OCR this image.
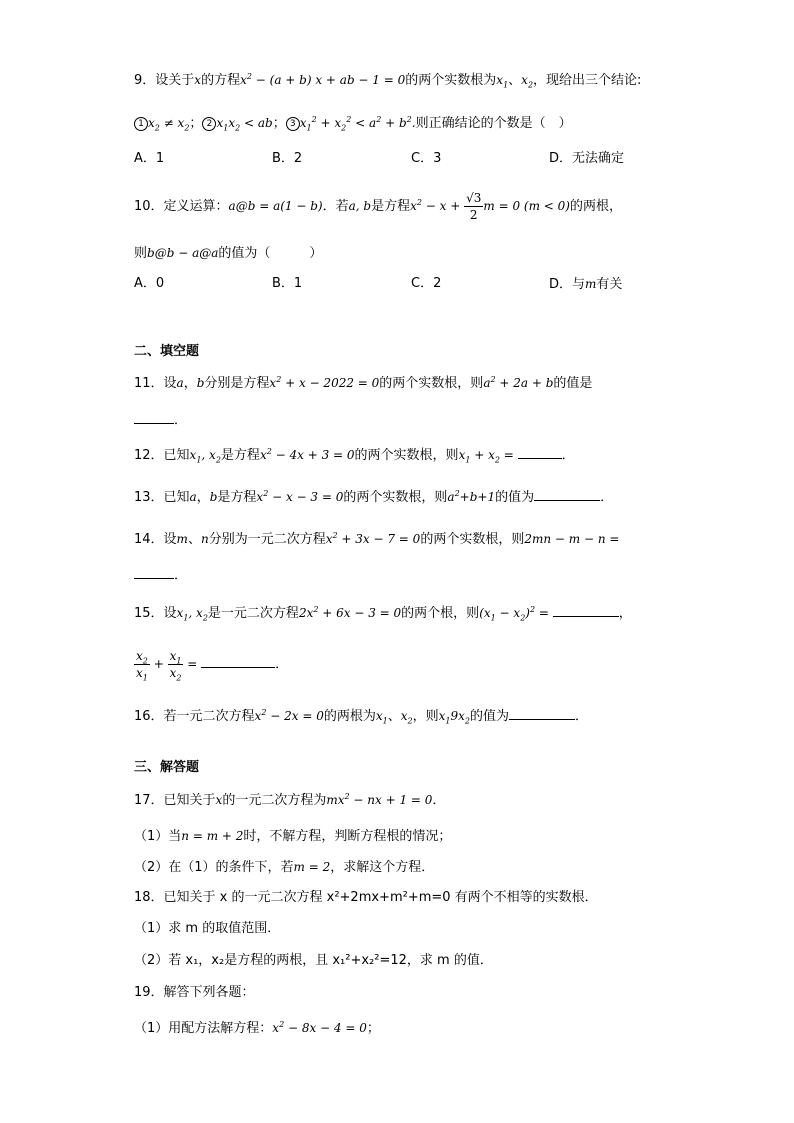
9．设关于x的方程$x^2 - (a + b) x$ + ab − 1 = 0的两个实数根为$x_1$、$x_2$，现给出三个结论:
1 $x_2 \ne x_2$； 2 $x_1x_2$ < ab； 3 $x_1^2 + x_2^2 < a^2 + b^2$.则正确结论的个数是（　）
A．1	B．2	C．3	D．无法确定
10．定义运算：a@b = a(1 − b)．若a, b是方程$x^2 - x + \frac{√3}{2}$ m = 0 (m < 0)的两根，
则b@b − a@a的值为（　　　）
A．0	B．1	C．2	D．与m有关
二、填空题
11．设a，b分别是方程$x^2 + x - 2022 = 0$的两个实数根，则$a^2 + 2a + b$的值是
．
12．已知$x_1$, $x_2$是方程$x^2 - 4x + 3 = 0$的两个实数根，则$x_1 + x_2$ =	．
13．已知a，b是方程$x^2 - x - 3 = 0$的两个实数根，则$a^2+b+1$的值为	．
14．设m、n分别为一元二次方程$x^2 + 3x - 7 = 0$的两个实数根，则2mn − m − n =
．
15．设$x_1$, $x_2$是一元二次方程$2x^2 + 6x - 3 = 0$的两个根，则$(x_1 - x_2)^2$ =	，
$\frac{x_2}{x_1} + \frac{x_1}{x_2}$ =	．
16．若一元二次方程$x^2 - 2x = 0$的两根为$x_1$、$x_2$，则$x_19x_2$的值为	．
三、解答题
17．已知关于x的一元二次方程为$mx^2$ − nx + 1 = 0．
（1）当n = m + 2时，不解方程，判断方程根的情况；
（2）在（1）的条件下，若m = 2，求解这个方程．
18．已知关于 x 的一元二次方程 x²+2mx+m²+m=0 有两个不相等的实数根．
（1）求 m 的取值范围．
（2）若 x₁，x₂是方程的两根，且 x₁²+x₂²=12，求 m 的值．
19．解答下列各题：
（1）用配方法解方程：$x^2 - 8x - 4 = 0$；
